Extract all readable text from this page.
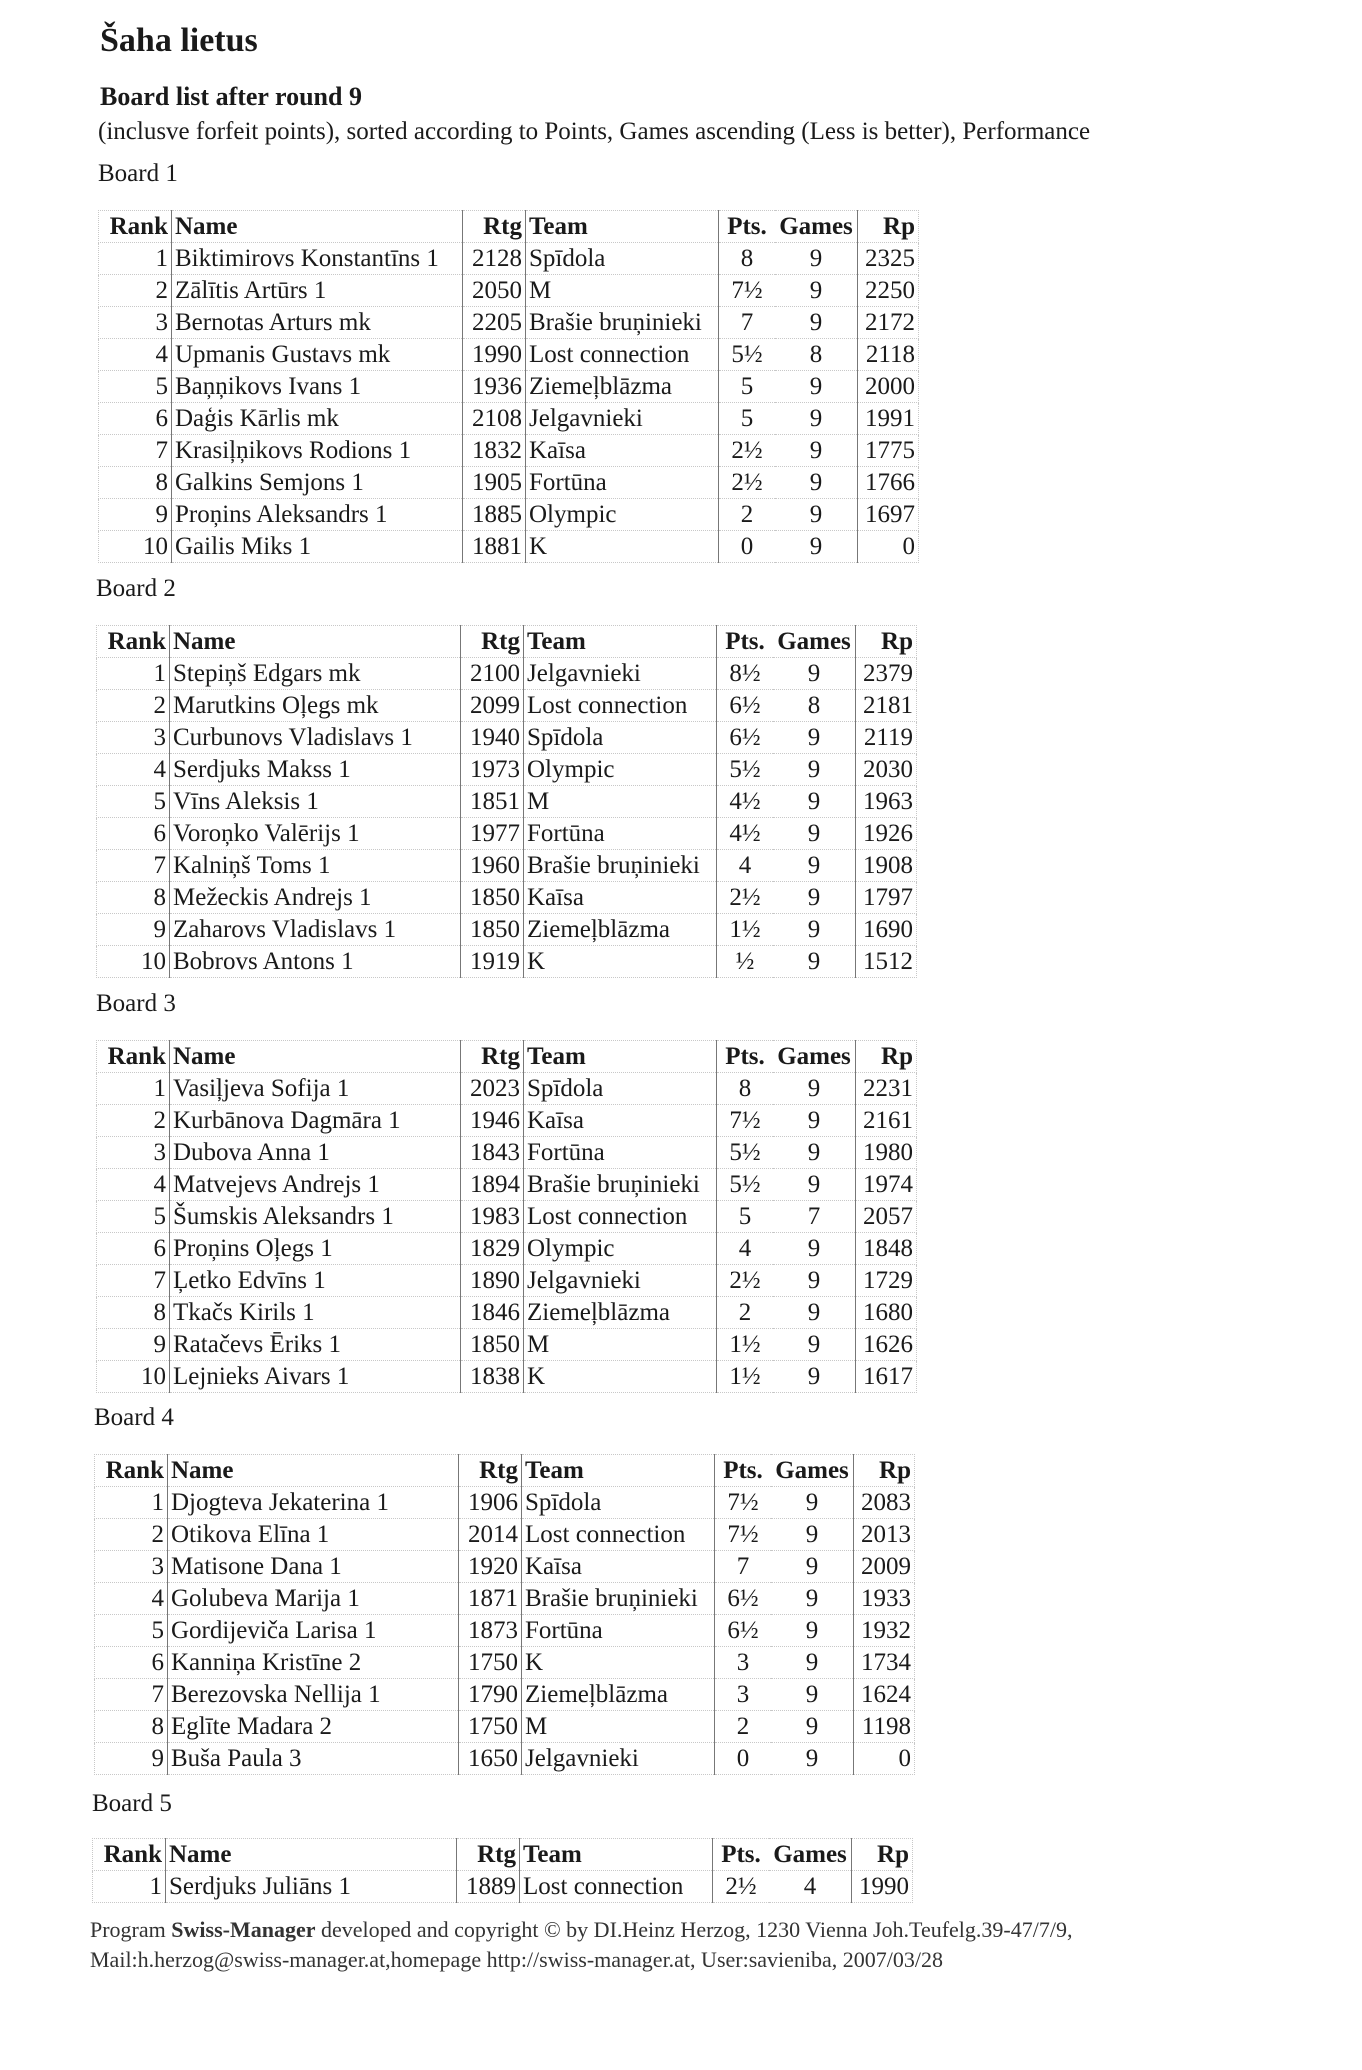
Šaha lietus
Board list after round 9

(inclusve forfeit points), sorted according to Points, Games ascending (Less is better), Performance

Board 1

Rank	Name	Rtg	Team	Pts.	Games	Rp
1	Biktimirovs Konstantīns 1	2128	Spīdola	8	9	2325
2	Zālītis Artūrs 1	2050	M	7½	9	2250
3	Bernotas Arturs mk	2205	Brašie bruņinieki	7	9	2172
4	Upmanis Gustavs mk	1990	Lost connection	5½	8	2118
5	Baņņikovs Ivans 1	1936	Ziemeļblāzma	5	9	2000
6	Daģis Kārlis mk	2108	Jelgavnieki	5	9	1991
7	Krasiļņikovs Rodions 1	1832	Kaīsa	2½	9	1775
8	Galkins Semjons 1	1905	Fortūna	2½	9	1766
9	Proņins Aleksandrs 1	1885	Olympic	2	9	1697
10	Gailis Miks 1	1881	K	0	9	0

Board 2

Rank	Name	Rtg	Team	Pts.	Games	Rp
1	Stepiņš Edgars mk	2100	Jelgavnieki	8½	9	2379
2	Marutkins Oļegs mk	2099	Lost connection	6½	8	2181
3	Curbunovs Vladislavs 1	1940	Spīdola	6½	9	2119
4	Serdjuks Makss 1	1973	Olympic	5½	9	2030
5	Vīns Aleksis 1	1851	M	4½	9	1963
6	Voroņko Valērijs 1	1977	Fortūna	4½	9	1926
7	Kalniņš Toms 1	1960	Brašie bruņinieki	4	9	1908
8	Mežeckis Andrejs 1	1850	Kaīsa	2½	9	1797
9	Zaharovs Vladislavs 1	1850	Ziemeļblāzma	1½	9	1690
10	Bobrovs Antons 1	1919	K	½	9	1512

Board 3

Rank	Name	Rtg	Team	Pts.	Games	Rp
1	Vasiļjeva Sofija 1	2023	Spīdola	8	9	2231
2	Kurbānova Dagmāra 1	1946	Kaīsa	7½	9	2161
3	Dubova Anna 1	1843	Fortūna	5½	9	1980
4	Matvejevs Andrejs 1	1894	Brašie bruņinieki	5½	9	1974
5	Šumskis Aleksandrs 1	1983	Lost connection	5	7	2057
6	Proņins Oļegs 1	1829	Olympic	4	9	1848
7	Ļetko Edvīns 1	1890	Jelgavnieki	2½	9	1729
8	Tkačs Kirils 1	1846	Ziemeļblāzma	2	9	1680
9	Ratačevs Ēriks 1	1850	M	1½	9	1626
10	Lejnieks Aivars 1	1838	K	1½	9	1617

Board 4

Rank	Name	Rtg	Team	Pts.	Games	Rp
1	Djogteva Jekaterina 1	1906	Spīdola	7½	9	2083
2	Otikova Elīna 1	2014	Lost connection	7½	9	2013
3	Matisone Dana 1	1920	Kaīsa	7	9	2009
4	Golubeva Marija 1	1871	Brašie bruņinieki	6½	9	1933
5	Gordijeviča Larisa 1	1873	Fortūna	6½	9	1932
6	Kanniņa Kristīne 2	1750	K	3	9	1734
7	Berezovska Nellija 1	1790	Ziemeļblāzma	3	9	1624
8	Eglīte Madara 2	1750	M	2	9	1198
9	Buša Paula 3	1650	Jelgavnieki	0	9	0

Board 5

Rank	Name	Rtg	Team	Pts.	Games	Rp
1	Serdjuks Juliāns 1	1889	Lost connection	2½	4	1990

Program Swiss-Manager developed and copyright © by DI.Heinz Herzog, 1230 Vienna Joh.Teufelg.39-47/7/9,

Mail:h.herzog@swiss-manager.at,homepage http://swiss-manager.at, User:savieniba, 2007/03/28
